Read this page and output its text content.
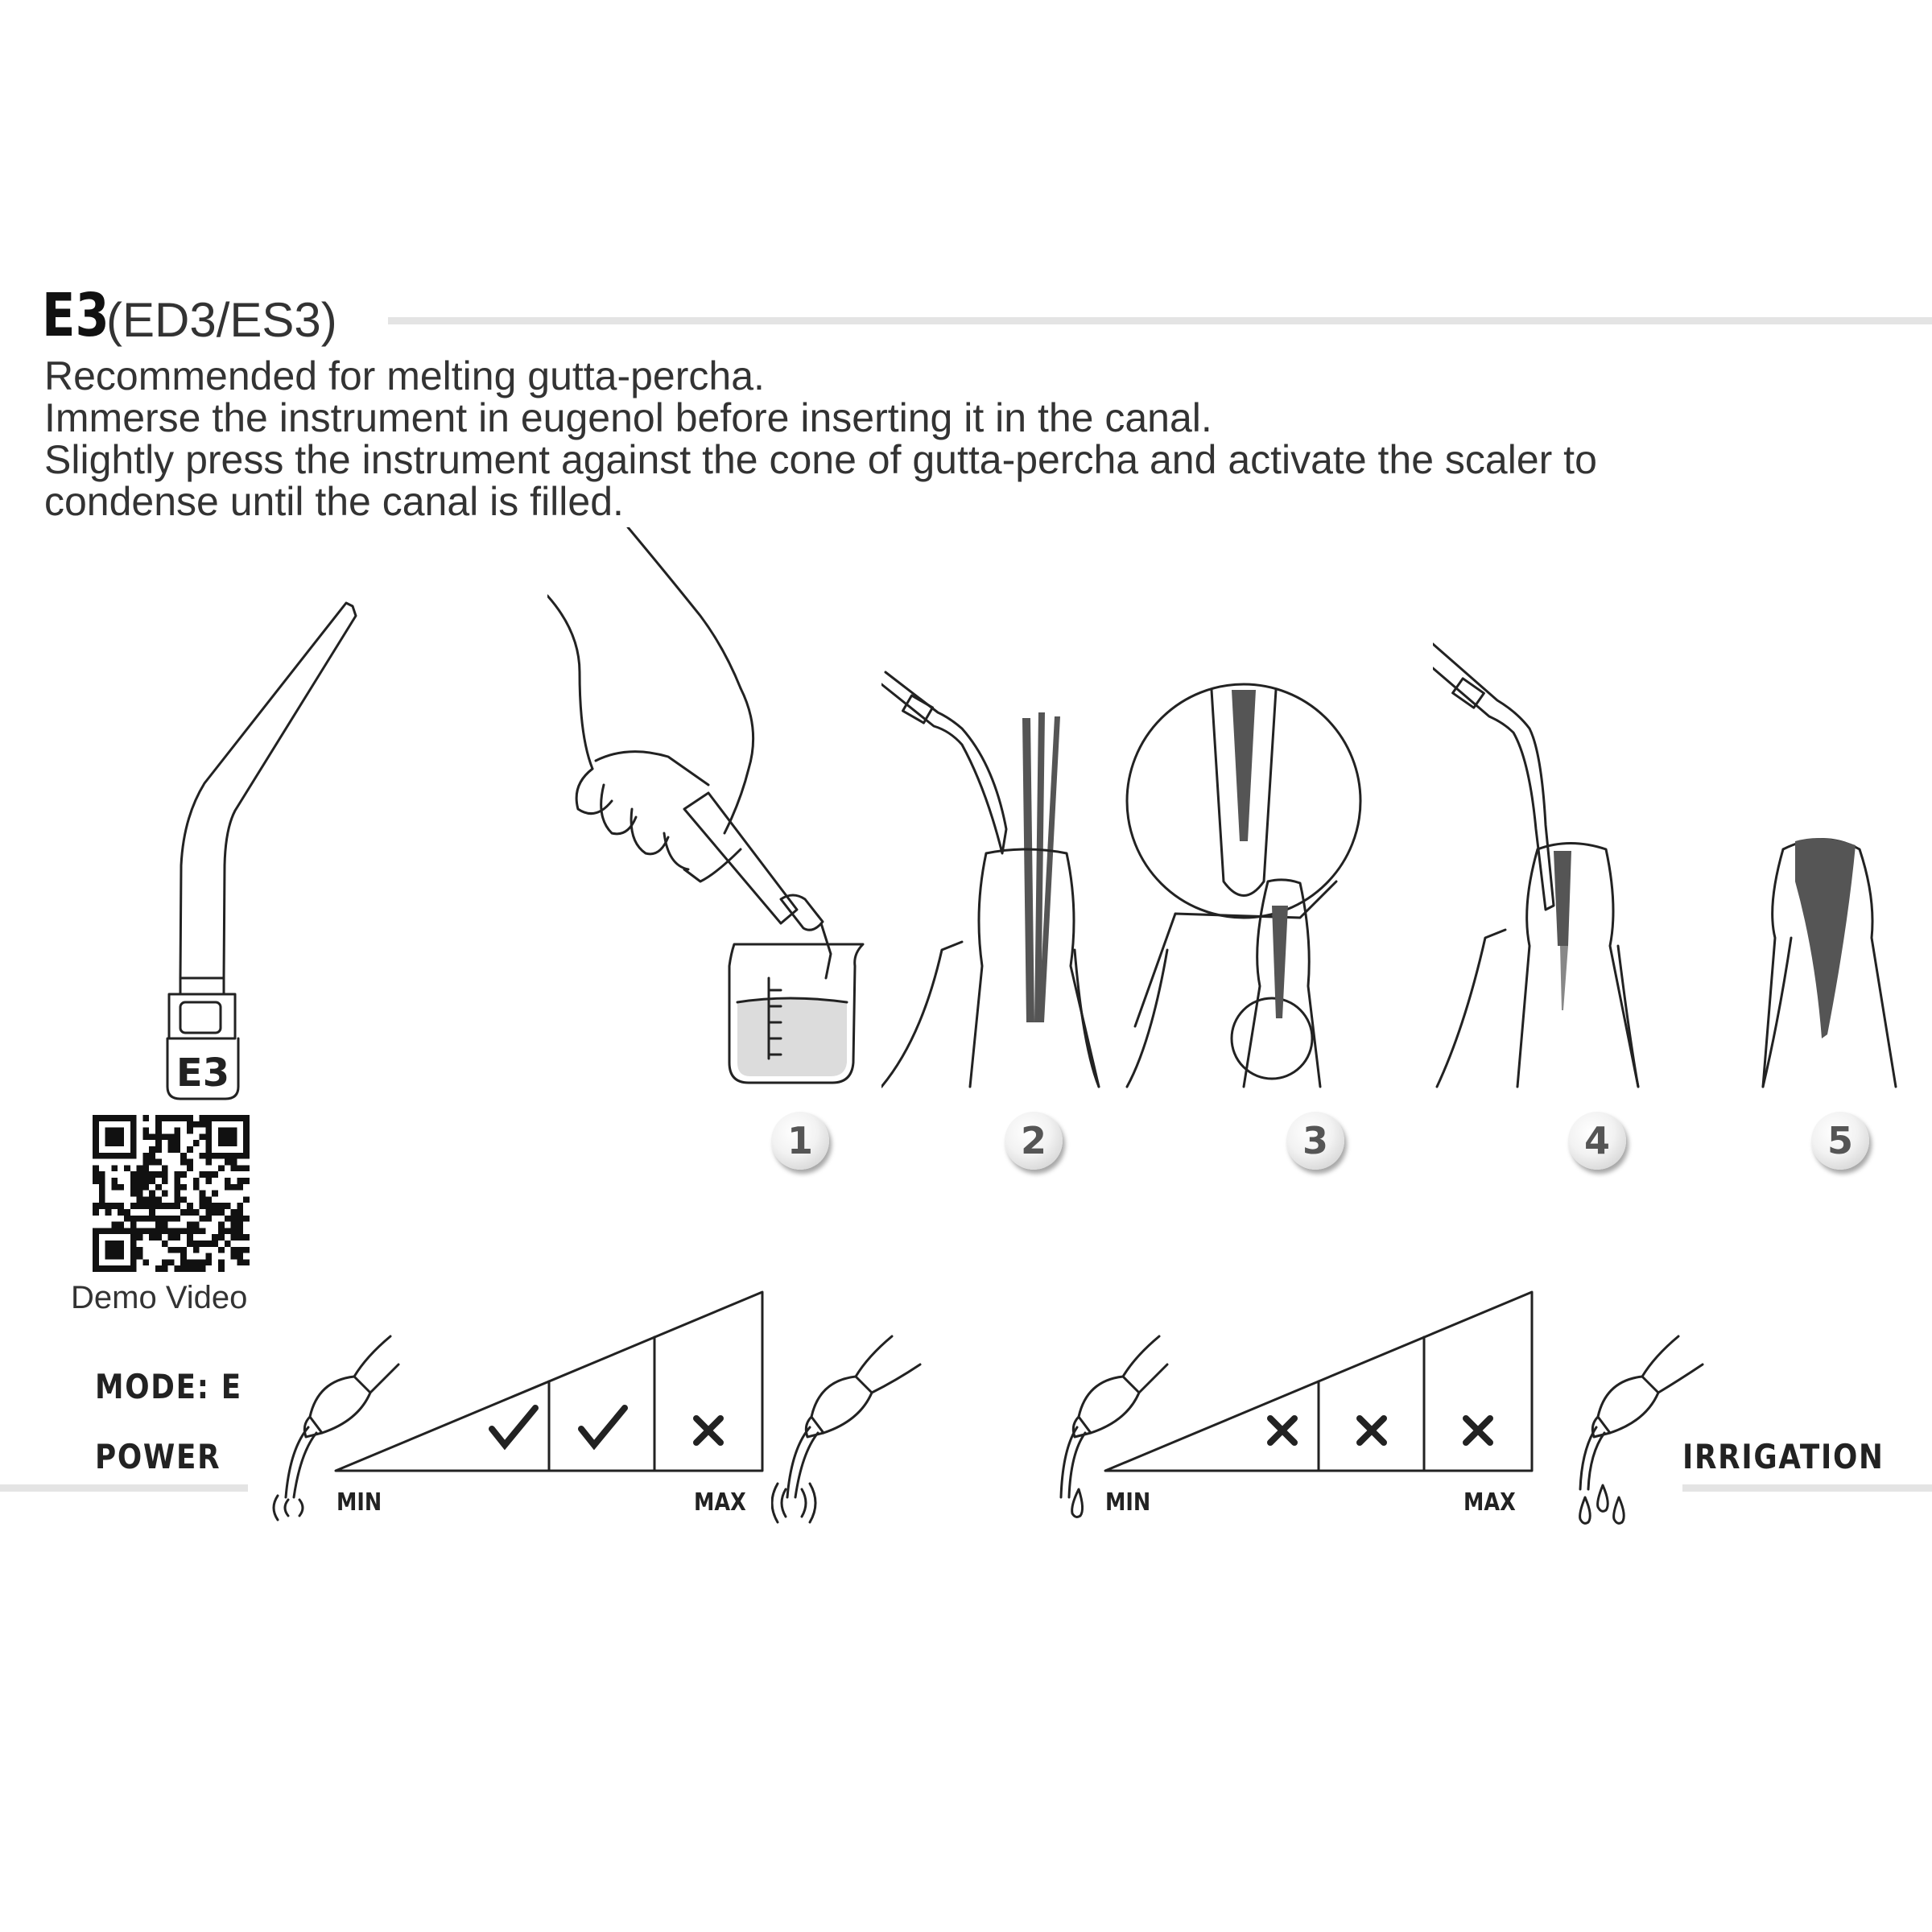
E3
(ED3/ES3)
Recommended for melting gutta-percha.
Immerse the instrument in eugenol before inserting it in the canal.
Slightly press the instrument against the cone of gutta-percha and activate the scaler to
condense until the canal is filled.
E3
Demo Video
1	2	3	4	5
MODE: E
POWER	IRRIGATION
MIN	MAX	MIN	MAX
